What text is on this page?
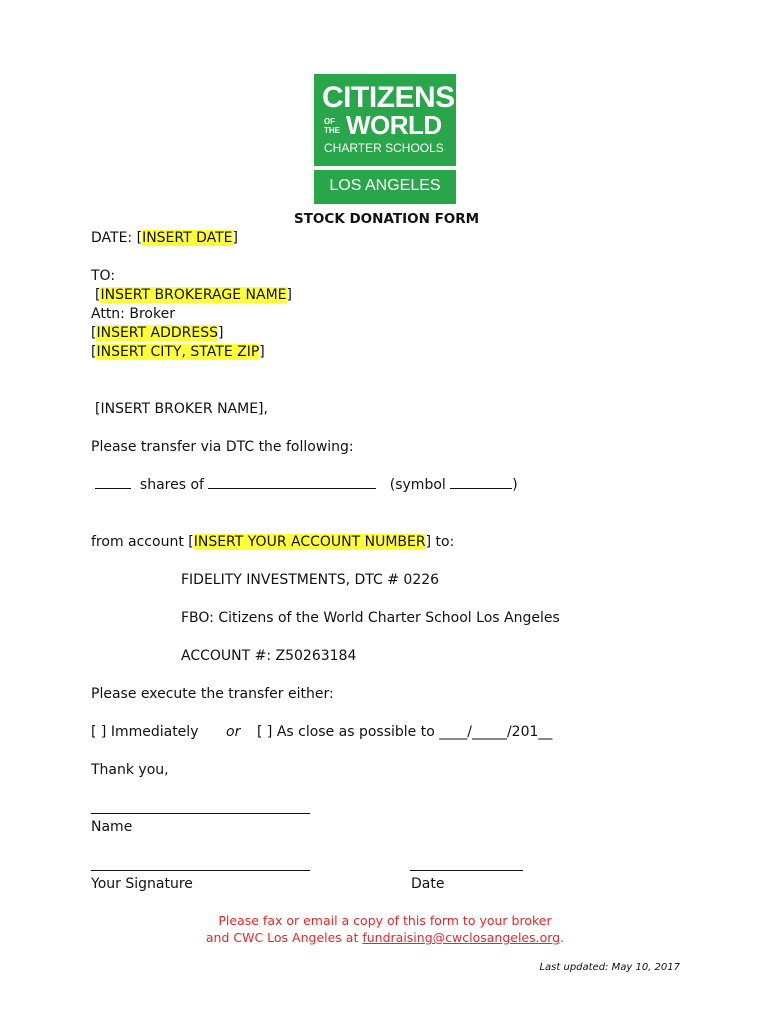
CITIZENS
OF
THE WORLD
CHARTER SCHOOLS
LOS ANGELES
STOCK DONATION FORM
DATE: [INSERT DATE]
TO:
[INSERT BROKERAGE NAME]
Attn: Broker
[INSERT ADDRESS]
[INSERT CITY, STATE ZIP]
[INSERT BROKER NAME],
Please transfer via DTC the following:
shares of	(symbol	)
from account [INSERT YOUR ACCOUNT NUMBER] to:
FIDELITY INVESTMENTS, DTC # 0226
FBO: Citizens of the World Charter School Los Angeles
ACCOUNT #: Z50263184
Please execute the transfer either:
[ ] Immediately or [ ] As close as possible to ____/_____/201__
Thank you,
Name
Your Signature	Date
Please fax or email a copy of this form to your broker
and CWC Los Angeles at fundraising@cwclosangeles.org.
Last updated: May 10, 2017
